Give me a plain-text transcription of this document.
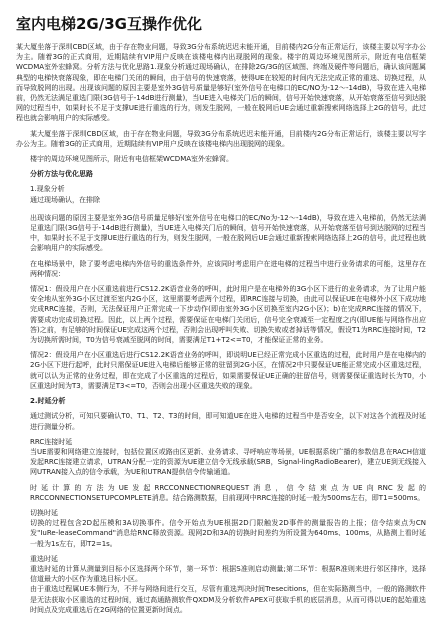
室内电梯2G/3G互操作优化

某大厦坐落于深圳CBD区域，由于存在物业问题，导致3G分布系统迟迟未能开通，目前楼内2G分布正常运行，该楼主要以写字办公为主。随着3G的正式商用，近期陆续有VIP用户反映在该楼电梯内出现脱网的现象。楼宇的周边环境见图所示，附近有电信框架WCDMA室外宏蜂窝。分析方法与优化思路1.现象分析通过现场确认，在排除2G/3G的区域图、终端及硬件等问题后，确认该问题属典型的电梯快衰落现象，即在电梯门关闭的瞬间，由于信号的快速衰落，使得UE在较短的时间内无法完成正常的重选、切换过程，从而导致脱网的出现。出现该问题的原因主要是室外3G信号质量是够好(室外信号在电梯口的EC/NO为-12～-14dB)，导致在进入电梯前，仍然无法满足重选门限(3G信号于-14dB进行测量)，当UE进入电梯关门后的瞬间，信号开始快速衰落，从开始衰落至信号到达脱网的过程当中，如果时长不足于支撑UE进行重选的行为，则发生脱网，一般在脱网后UE会通过重新搜索网络选择上2G的信号，此过程也就会影响用户的实际感受。

某大厦坐落于深圳CBD区域，由于存在物业问题，导致3G分布系统迟迟未能开通，目前楼内2G分布正常运行，该楼主要以写字办公为主。随着3G的正式商用，近期陆续有VIP用户反映在该楼电梯内出现脱网的现象。

楼宇的周边环境见图所示，附近有电信框架WCDMA室外宏蜂窝。

分析方法与优化思路

1.现象分析
通过现场确认，在排除

出现该问题的原因主要是室外3G信号质量足够好(室外信号在电梯口的EC/No为-12～-14dB)，导致在进入电梯前，仍然无法满足重选门限(3G信号于-14dB进行测量)，当UE进入电梯关门后的瞬间，信号开始快速衰落，从开始衰落至信号到达脱网的过程当中，如果时长不足于支撑UE进行重选的行为，则发生脱网，一般在脱网后UE会通过重新搜索网络选择上2G的信号，此过程也就会影响用户的实际感受。

在电梯场景中，除了要考虑电梯内外信号的重选条件外，应该同时考虑用户在进电梯的过程当中进行业务请求的可能，这里存在两种情况：

情况1：假设用户在小区重选前进行CS12.2K语音业务的呼叫，此时用户是在电梯外的3G小区下进行的业务请求，为了让用户能安全地从室外3G小区过渡至室内2G小区，这里需要考虑两个过程，即RRC连接与切换，由此可以保证UE在电梯外小区下成功地完成RRC连接，否则，无法保证用户正常完成一下步动作(即由室外3G小区切换至室内2G小区)；b)在完成RRC连接的情况下，需要成功完成切换过程。因此，以上两个过程，需要保证在电梯门关闭后，信号完全衰减至一定程度之内(即UE能与网络作出应答)之前，有足够的时间保证UE完成这两个过程，否则会出现呼叫失败、切换失败或者掉话等情况，假设T1为RRC连接时间，T2为切换所需时间，T0为信号衰减至脱网的时间，需要满足T1+T2<=T0，才能保证正常的业务。

情况2：假设用户在小区重选后进行CS12.2K语音业务的呼叫，即说明UE已经正常完成小区重选的过程，此时用户是在电梯内的2G小区下进行起呼，此时只需保证UE进入电梯后能够正常的驻留到2G小区，在情况2中只要保证UE能正常完成小区重选过程，就可以认为正常的业务过程，即在完成了小区重选的过程后，如果需要保证UE正确的驻留信号，则需要保证重选时长为T0，小区重选时间为T3，需要满足T3<=T0，否则会出现小区重选失败的现象。

2.时延分析

通过测试分析，可知只要确认T0、T1、T2、T3的时间，即可知道UE在进入电梯的过程当中是否安全，以下对这各个流程及时延进行测量分析。

RRC连接时延
当UE需要和网络建立连接时，包括位置区或路由区更新、业务请求、寻呼响应等场景，UE根据系统广播的参数信息在RACH信道发起RRC连接建立请求，UTRAN分配一定的资源为UE建立信令无线承载(SRB，Signal-lingRadioBearer)，建立UE到无线接入网UTRAN接入点的信令承载，为UE和UTRAN提供信令传输通道。

时延计算的方法为UE发起RRCCONNECTIONREQUEST消息，信令结束点为UE向RNC发起的RRCCONNECTIONSETUPCOMPLETE消息。结合路测数据，目前现网中RRC连接的时延一般为500ms左右，即T1=500ms。

切换时延
切换的过程包含2D起压模和3A切换事件。信令开始点为UE根据2D门限触发2D事件的测量报告的上报；信令结束点为CN发"IuRe-leaseCommand"消息给RNC释放资源。现网2D和3A的切换时间差约为所设置为640ms、100ms，从路测上看时延一般为1s左右，即T2=1s。

重选时延
重选时延的计算从测量到目标小区选择两个环节，第一环节：根据S准则启动测量;第二环节：根据R准则来进行邻区排序，选择信道最大的小区作为重选目标小区。
由于重选过程属UE本侧行为，不并与网络间进行交互，尽管有重选判决时间Tresecitions，但在实际路测当中，一般的路测软件是无法获取小区重选的过程时间，通过高通路测软件QXDM及分析软件APEX可获取手机的底层消息，从而可得以UE的起始重选时间点及完成重选后在2G网络的位置更新时间点。
